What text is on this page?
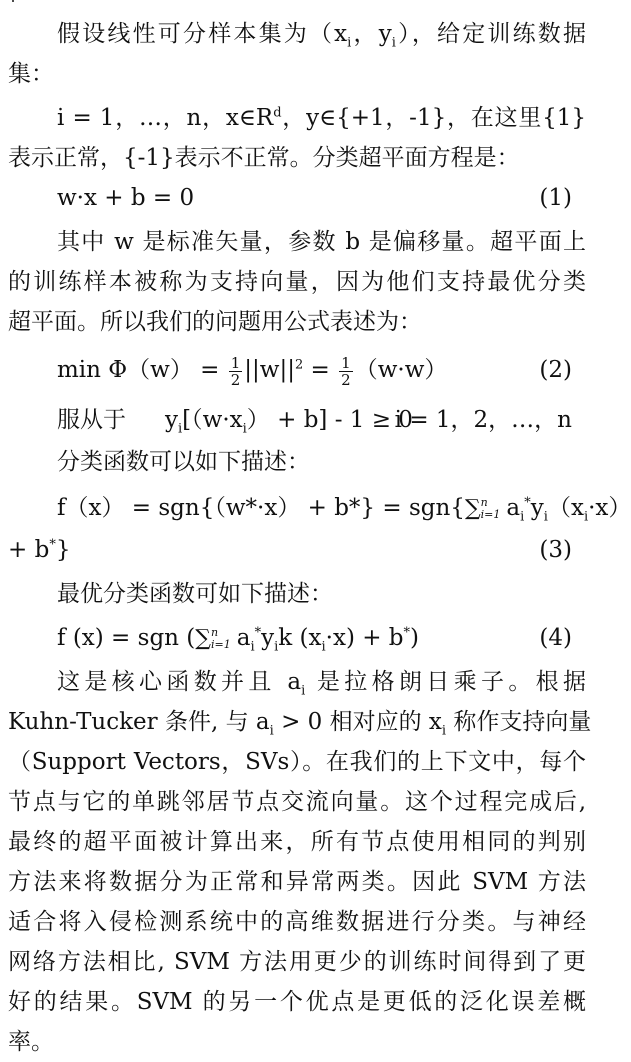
假设线性可分样本集为（$x_i$，$y_i$），给定训练数据
集：
i = 1，…，n，$x\in R^d$，y∈{+1，-1}，在这里{1}
表示正常，{-1}表示不正常。分类超平面方程是：
w·x + b = 0	(1)
其中 w 是标准矢量，参数 b 是偏移量。超平面上
的训练样本被称为支持向量，因为他们支持最优分类
超平面。所以我们的问题用公式表述为：
$\min \Phi(w) = \frac{1}{2} ||w||^2 = \frac{1}{2} (w\cdot w)$	(2)
服从于 $y_i[(w\cdot x_i) + b] - 1 \ge 0$
i = 1，2，…，n
分类函数可以如下描述：
f（x） = sgn{（w*·x） + b*} = sgn{∑ n
i=1 $a_i^*y_i(x_i\cdot x)$
+ b*}	(3)
最优分类函数可如下描述：
f (x) = sgn (∑ n
i=1 $a_i^*y_ik$ $(x_i\cdot x) + b^*$)	(4)
这是核心函数并且 $a_i$ 是拉格朗日乘子。根据
Kuhn-Tucker 条件, 与 $a_i > 0$ 相对应的 $x_i$ 称作支持向量
（Support Vectors，SVs）。在我们的上下文中，每个
节点与它的单跳邻居节点交流向量。这个过程完成后,
最终的超平面被计算出来，所有节点使用相同的判别
方法来将数据分为正常和异常两类。因此 SVM 方法
适合将入侵检测系统中的高维数据进行分类。与神经
网络方法相比, SVM 方法用更少的训练时间得到了更
好的结果。SVM 的另一个优点是更低的泛化误差概
率。
